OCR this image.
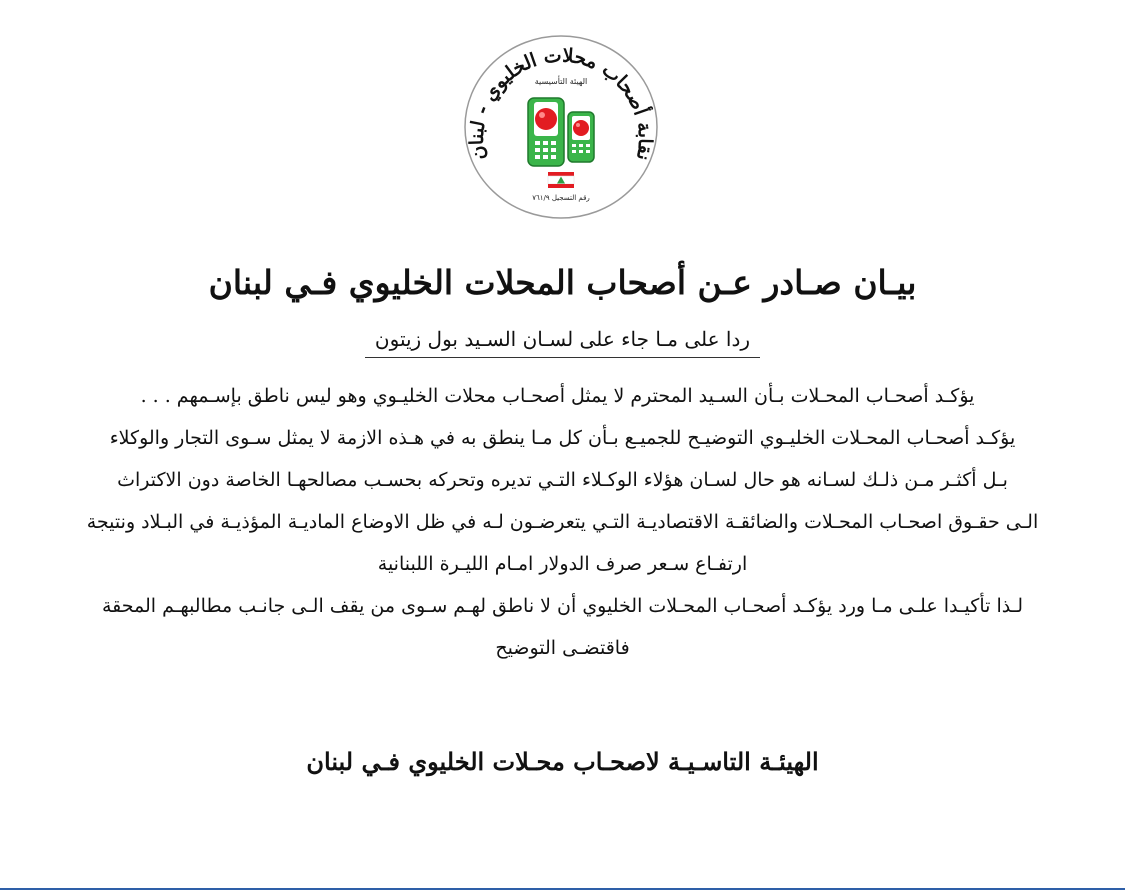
نقابة أصحاب محلات الخليوي - لبنان
الهيئة التأسيسية
رقم التسجيل ٧٦١/٩
بيـان صـادر عـن أصحاب المحلات الخليوي فـي لبنان
ردا على مـا جاء على لسـان السـيد بول زيتون

يؤكـد أصحـاب المحـلات بـأن السـيد المحترم لا يمثل أصحـاب محلات الخليـوي وهو ليس ناطق بإسـمهم . . .

يؤكـد أصحـاب المحـلات الخليـوي التوضيـح للجميـع بـأن كل مـا ينطق به في هـذه الازمة لا يمثل سـوى التجار والوكلاء

بـل أكثـر مـن ذلـك لسـانه هو حال لسـان هؤلاء الوكـلاء التـي تديره وتحركه بحسـب مصالحهـا الخاصة دون الاكتراث

الـى حقـوق اصحـاب المحـلات والضائقـة الاقتصاديـة التـي يتعرضـون لـه في ظل الاوضاع الماديـة المؤذيـة في البـلاد ونتيجة

ارتفـاع سـعر صرف الدولار امـام الليـرة اللبنانية

لـذا تأكيـدا علـى مـا ورد يؤكـد أصحـاب المحـلات الخليوي أن لا ناطق لهـم سـوى من يقف الـى جانـب مطالبهـم المحقة

فاقتضـى التوضيح

الهيئـة التاسـيـة لاصحـاب محـلات الخليوي فـي لبنان
